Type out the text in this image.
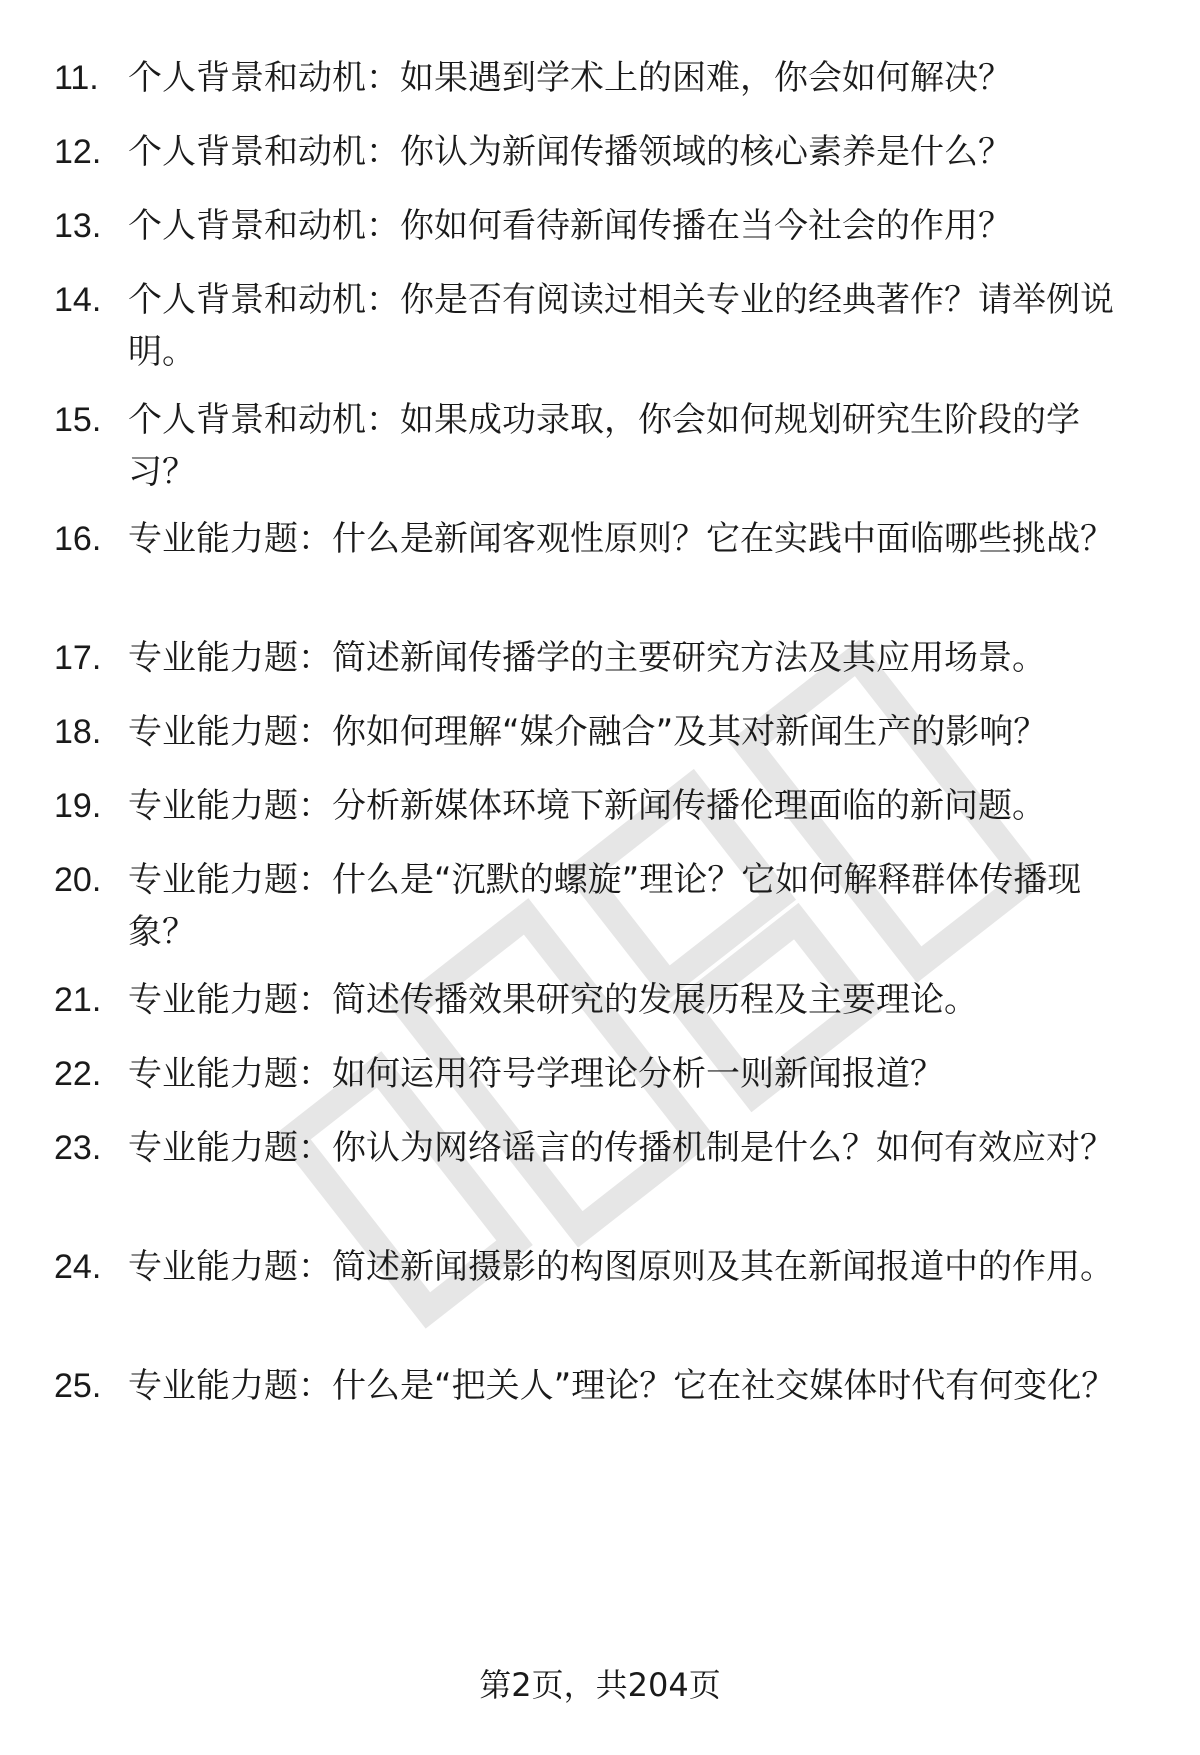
11. 个人背景和动机：如果遇到学术上的困难，你会如何解决？
12. 个人背景和动机：你认为新闻传播领域的核心素养是什么？
13. 个人背景和动机：你如何看待新闻传播在当今社会的作用？
14. 个人背景和动机：你是否有阅读过相关专业的经典著作？请举例说明。
15. 个人背景和动机：如果成功录取，你会如何规划研究生阶段的学习？
16. 专业能力题：什么是新闻客观性原则？它在实践中面临哪些挑战？
17. 专业能力题：简述新闻传播学的主要研究方法及其应用场景。
18. 专业能力题：你如何理解“媒介融合”及其对新闻生产的影响？
19. 专业能力题：分析新媒体环境下新闻传播伦理面临的新问题。
20. 专业能力题：什么是“沉默的螺旋”理论？它如何解释群体传播现象？
21. 专业能力题：简述传播效果研究的发展历程及主要理论。
22. 专业能力题：如何运用符号学理论分析一则新闻报道？
23. 专业能力题：你认为网络谣言的传播机制是什么？如何有效应对？
24. 专业能力题：简述新闻摄影的构图原则及其在新闻报道中的作用。
25. 专业能力题：什么是“把关人”理论？它在社交媒体时代有何变化？
第2页，共204页
